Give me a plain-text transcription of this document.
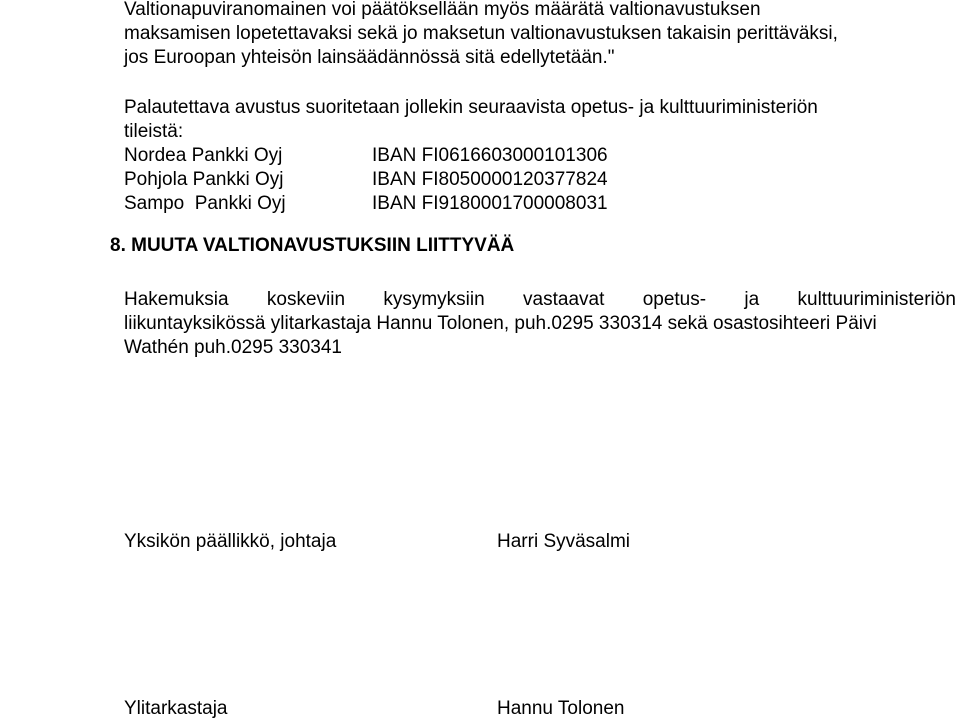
Valtionapuviranomainen voi päätöksellään myös määrätä valtionavustuksen
maksamisen lopetettavaksi sekä jo maksetun valtionavustuksen takaisin perittäväksi,
jos Euroopan yhteisön lainsäädännössä sitä edellytetään."
Palautettava avustus suoritetaan jollekin seuraavista opetus- ja kulttuuriministeriön
tileistä:
Nordea Pankki Oyj	IBAN FI0616603000101306
Pohjola Pankki Oyj	IBAN FI8050000120377824
Sampo  Pankki Oyj	IBAN FI9180001700008031
8. MUUTA VALTIONAVUSTUKSIIN LIITTYVÄÄ
Hakemuksia koskeviin kysymyksiin vastaavat opetus- ja kulttuuriministeriön
liikuntayksikössä ylitarkastaja Hannu Tolonen, puh.0295 330314 sekä osastosihteeri Päivi
Wathén puh.0295 330341
Yksikön päällikkö, johtaja	Harri Syväsalmi
Ylitarkastaja	Hannu Tolonen
